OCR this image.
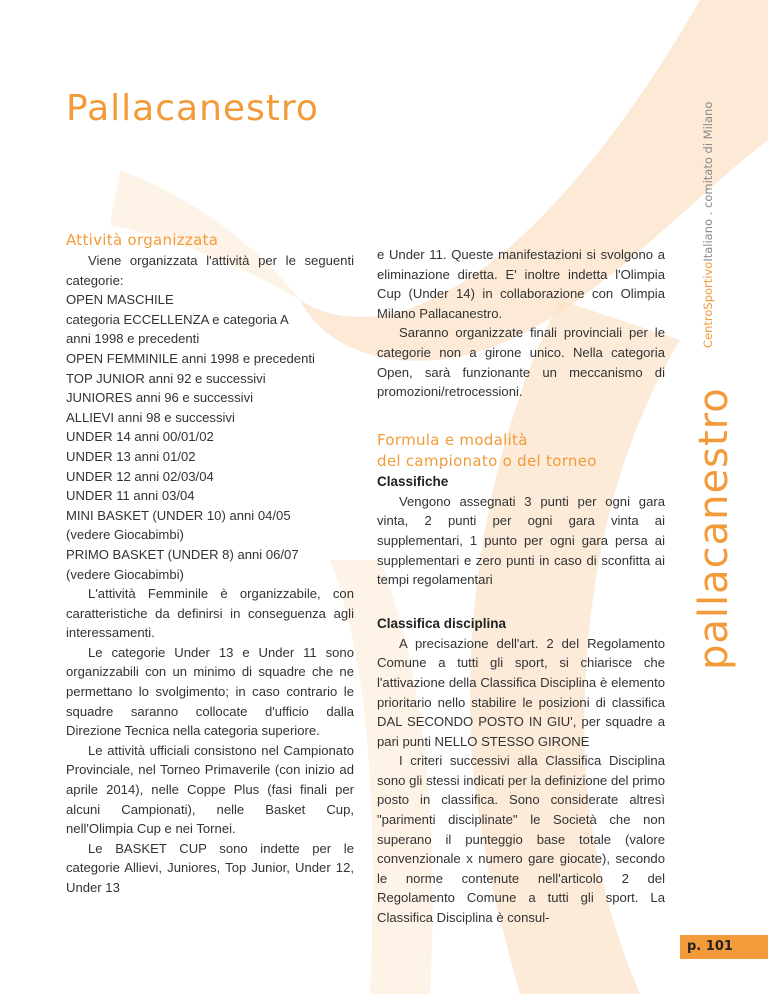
Pallacanestro
CentroSportivoItaliano . comitato di Milano
pallacanestro
Attività organizzata

Viene organizzata l'attività per le seguenti categorie:

OPEN MASCHILE

categoria ECCELLENZA e categoria A

anni 1998 e precedenti

OPEN FEMMINILE anni 1998 e precedenti

TOP JUNIOR anni 92 e successivi

JUNIORES anni 96 e successivi

ALLIEVI anni 98 e successivi

UNDER 14 anni 00/01/02

UNDER 13 anni 01/02

UNDER 12 anni 02/03/04

UNDER 11 anni 03/04

MINI BASKET (UNDER 10) anni 04/05

(vedere Giocabimbi)

PRIMO BASKET (UNDER 8) anni 06/07

(vedere Giocabimbi)

L'attività Femminile è organizzabile, con caratteristiche da definirsi in conseguenza agli interessamenti.

Le categorie Under 13 e Under 11 sono organizzabili con un minimo di squadre che ne permettano lo svolgimento; in caso contrario le squadre saranno collocate d'ufficio dalla Direzione Tecnica nella categoria superiore.

Le attività ufficiali consistono nel Campionato Provinciale, nel Torneo Primaverile (con inizio ad aprile 2014), nelle Coppe Plus (fasi finali per alcuni Campionati), nelle Basket Cup, nell'Olimpia Cup e nei Tornei.

Le BASKET CUP sono indette per le categorie Allievi, Juniores, Top Junior, Under 12, Under 13

e Under 11. Queste manifestazioni si svolgono a eliminazione diretta. E' inoltre indetta l'Olimpia Cup (Under 14) in collaborazione con Olimpia Milano Pallacanestro.

Saranno organizzate finali provinciali per le categorie non a girone unico. Nella categoria Open, sarà funzionante un meccanismo di promozioni/retrocessioni.

Formula e modalità
del campionato o del torneo
Classifiche

Vengono assegnati 3 punti per ogni gara vinta, 2 punti per ogni gara vinta ai supplementari, 1 punto per ogni gara persa ai supplementari e zero punti in caso di sconfitta ai tempi regolamentari

Classifica disciplina

A precisazione dell'art. 2 del Regolamento Comune a tutti gli sport, si chiarisce che l'attivazione della Classifica Disciplina è elemento prioritario nello stabilire le posizioni di classifica DAL SECONDO POSTO IN GIU', per squadre a pari punti NELLO STESSO GIRONE

I criteri successivi alla Classifica Disciplina sono gli stessi indicati per la definizione del primo posto in classifica. Sono considerate altresì "parimenti disciplinate" le Società che non superano il punteggio base totale (valore convenzionale x numero gare giocate), secondo le norme contenute nell'articolo 2 del Regolamento Comune a tutti gli sport. La Classifica Disciplina è consul-

p. 101
